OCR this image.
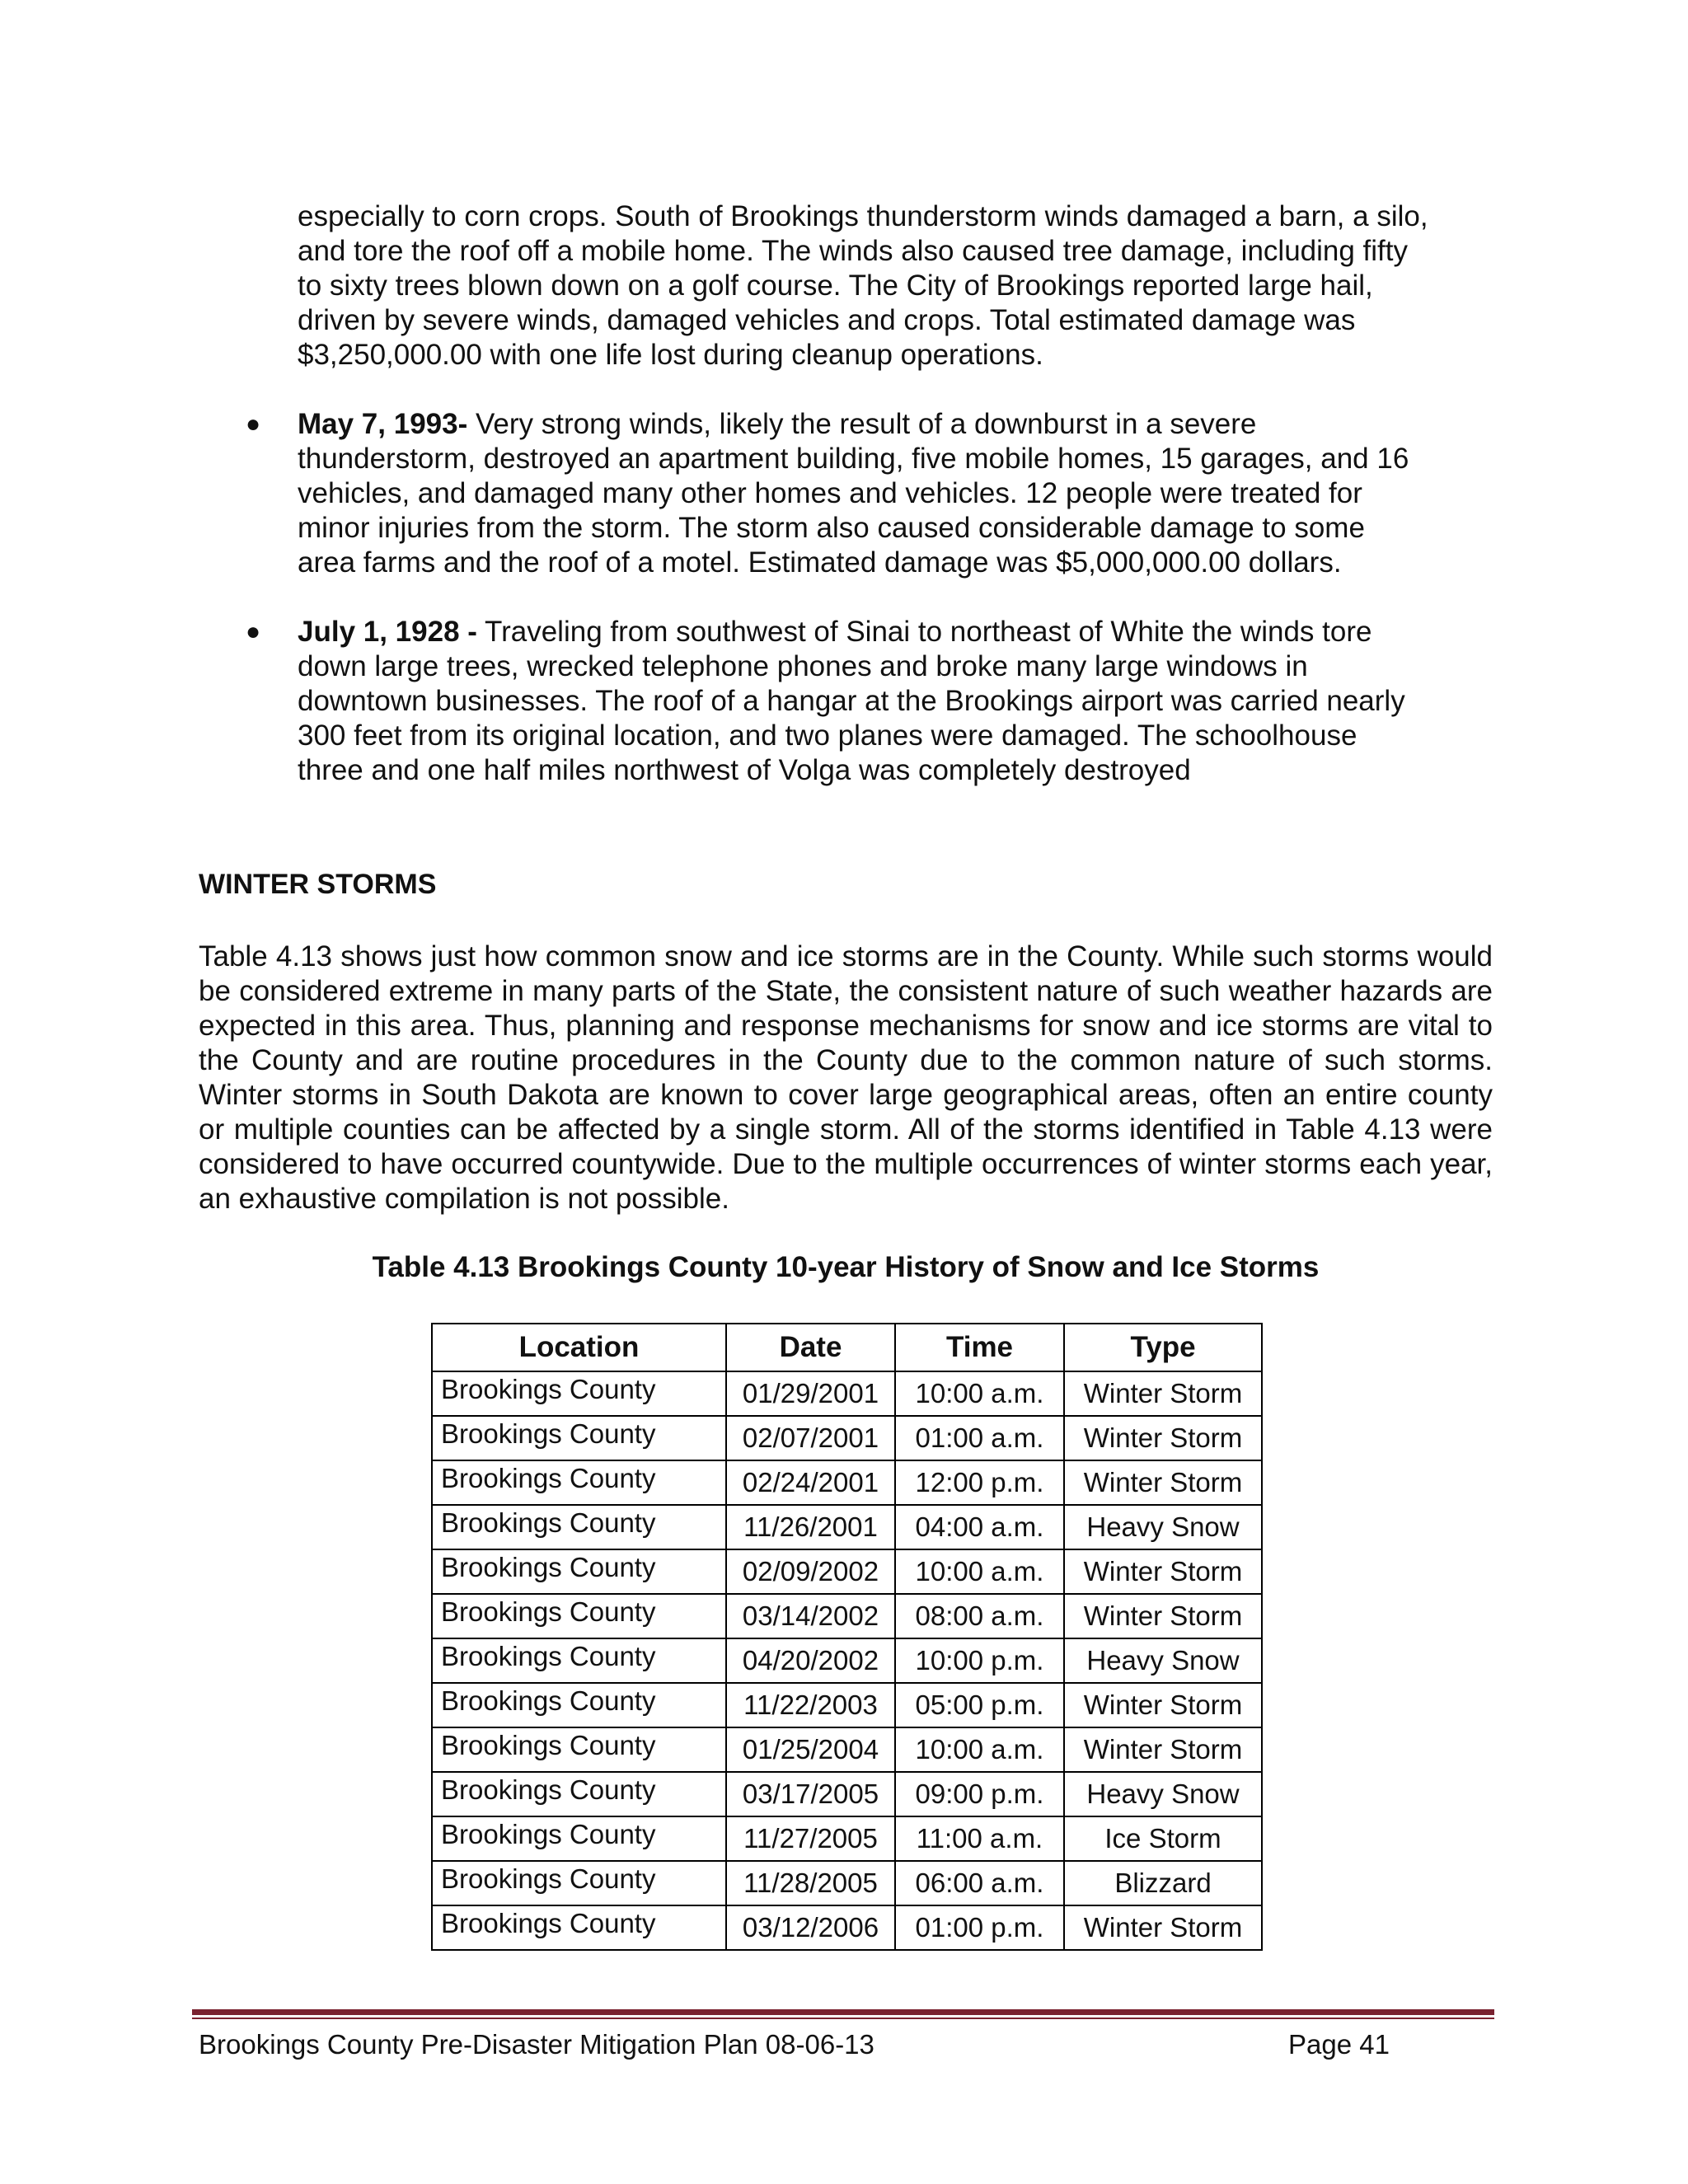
especially to corn crops. South of Brookings thunderstorm winds damaged a barn, a silo,

and tore the roof off a mobile home. The winds also caused tree damage, including fifty

to sixty trees blown down on a golf course. The City of Brookings reported large hail,

driven by severe winds, damaged vehicles and crops. Total estimated damage was

$3,250,000.00 with one life lost during cleanup operations.

● May 7, 1993- Very strong winds, likely the result of a downburst in a severe

thunderstorm, destroyed an apartment building, five mobile homes, 15 garages, and 16

vehicles, and damaged many other homes and vehicles. 12 people were treated for

minor injuries from the storm. The storm also caused considerable damage to some

area farms and the roof of a motel. Estimated damage was $5,000,000.00 dollars.

● July 1, 1928 - Traveling from southwest of Sinai to northeast of White the winds tore

down large trees, wrecked telephone phones and broke many large windows in

downtown businesses. The roof of a hangar at the Brookings airport was carried nearly

300 feet from its original location, and two planes were damaged. The schoolhouse

three and one half miles northwest of Volga was completely destroyed

WINTER STORMS

Table 4.13 shows just how common snow and ice storms are in the County. While such storms would be considered extreme in many parts of the State, the consistent nature of such weather hazards are expected in this area. Thus, planning and response mechanisms for snow and ice storms are vital to the County and are routine procedures in the County due to the common nature of such storms. Winter storms in South Dakota are known to cover large geographical areas, often an entire county or multiple counties can be affected by a single storm. All of the storms identified in Table 4.13 were considered to have occurred countywide. Due to the multiple occurrences of winter storms each year, an exhaustive compilation is not possible.

Table 4.13 Brookings County 10-year History of Snow and Ice Storms

Location	Date	Time	Type
Brookings County	01/29/2001	10:00 a.m.	Winter Storm
Brookings County	02/07/2001	01:00 a.m.	Winter Storm
Brookings County	02/24/2001	12:00 p.m.	Winter Storm
Brookings County	11/26/2001	04:00 a.m.	Heavy Snow
Brookings County	02/09/2002	10:00 a.m.	Winter Storm
Brookings County	03/14/2002	08:00 a.m.	Winter Storm
Brookings County	04/20/2002	10:00 p.m.	Heavy Snow
Brookings County	11/22/2003	05:00 p.m.	Winter Storm
Brookings County	01/25/2004	10:00 a.m.	Winter Storm
Brookings County	03/17/2005	09:00 p.m.	Heavy Snow
Brookings County	11/27/2005	11:00 a.m.	Ice Storm
Brookings County	11/28/2005	06:00 a.m.	Blizzard
Brookings County	03/12/2006	01:00 p.m.	Winter Storm
Brookings County Pre-Disaster Mitigation Plan 08-06-13	Page 41
